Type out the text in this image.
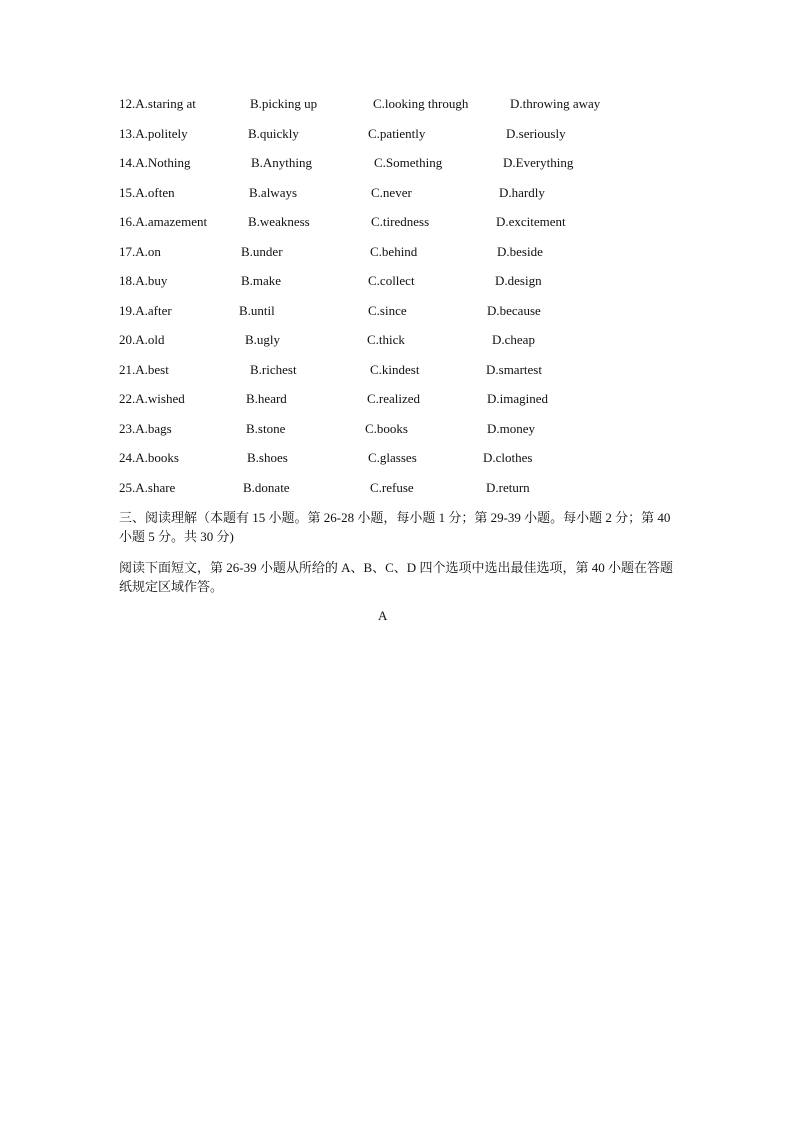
12.A.staring at	B.picking up	C.looking through	D.throwing away
13.A.politely	B.quickly	C.patiently	D.seriously
14.A.Nothing	B.Anything	C.Something	D.Everything
15.A.often	B.always	C.never	D.hardly
16.A.amazement	B.weakness	C.tiredness	D.excitement
17.A.on	B.under	C.behind	D.beside
18.A.buy	B.make	C.collect	D.design
19.A.after	B.until	C.since	D.because
20.A.old	B.ugly	C.thick	D.cheap
21.A.best	B.richest	C.kindest	D.smartest
22.A.wished	B.heard	C.realized	D.imagined
23.A.bags	B.stone	C.books	D.money
24.A.books	B.shoes	C.glasses	D.clothes
25.A.share	B.donate	C.refuse	D.return
三、阅读理解（本题有 15 小题。第 26-28 小题，每小题 1 分；第 29-39 小题。每小题 2 分；第 40 小题 5 分。共 30 分)
阅读下面短文，第 26-39 小题从所给的 A、B、C、D 四个选项中选出最佳选项，第 40 小题在答题纸规定区域作答。
A
